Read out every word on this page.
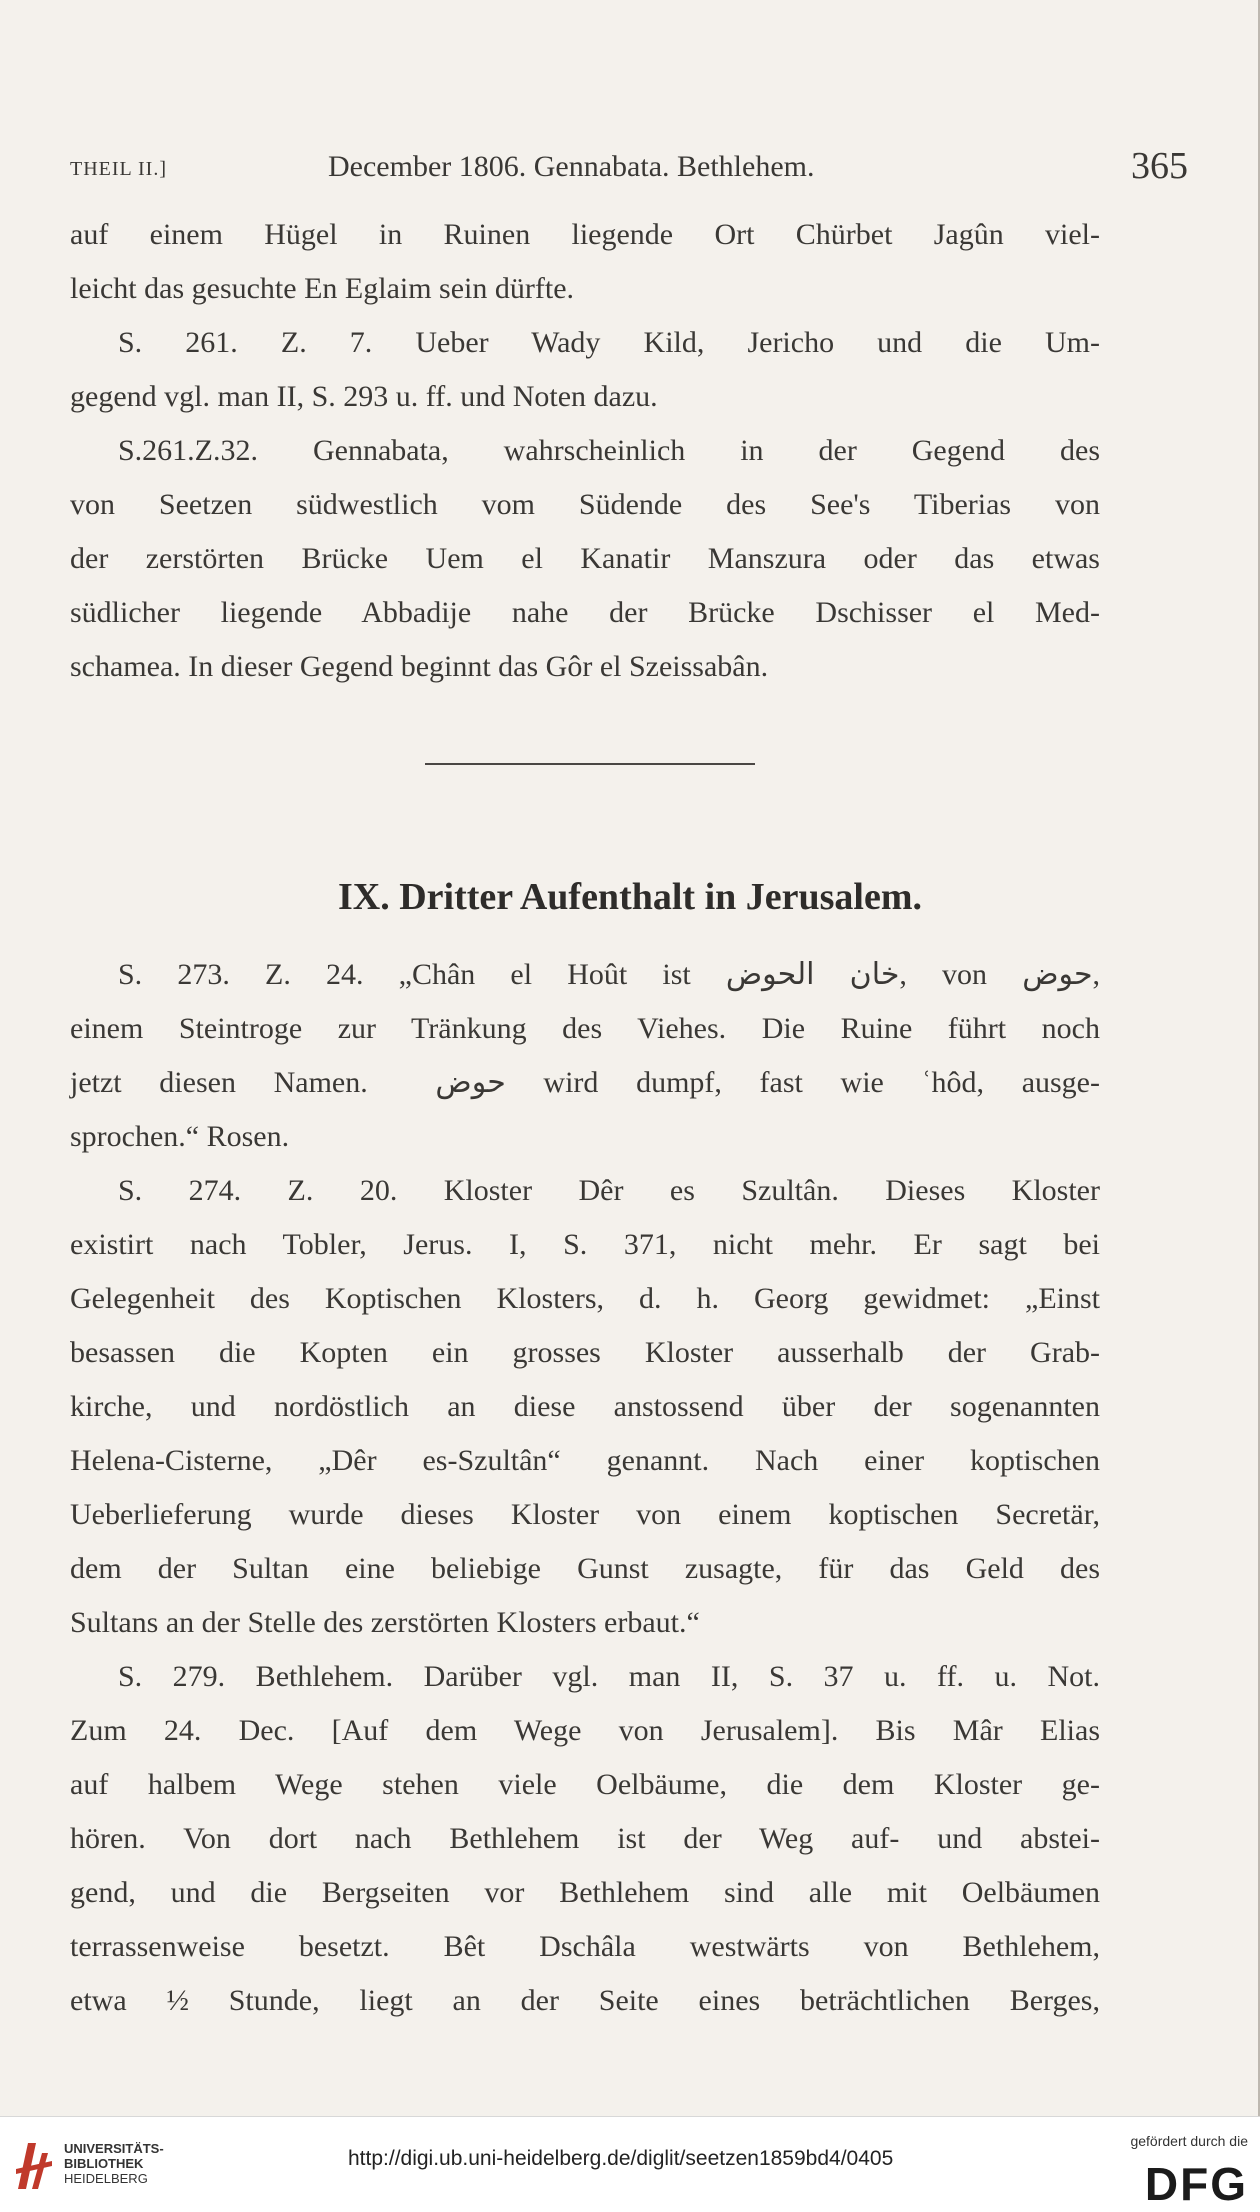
THEIL II.]	December 1806. Gennabata. Bethlehem.	365
auf einem Hügel in Ruinen liegende Ort Chürbet Jagûn viel-
leicht das gesuchte En Eglaim sein dürfte.
S. 261. Z. 7. Ueber Wady Kild, Jericho und die Um-
gegend vgl. man II, S. 293 u. ff. und Noten dazu.
S.261.Z.32. Gennabata, wahrscheinlich in der Gegend des
von Seetzen südwestlich vom Südende des See's Tiberias von
der zerstörten Brücke Uem el Kanatir Manszura oder das etwas
südlicher liegende Abbadije nahe der Brücke Dschisser el Med-
schamea. In dieser Gegend beginnt das Gôr el Szeissabân.
IX. Dritter Aufenthalt in Jerusalem.
S. 273. Z. 24. „Chân el Hoût ist الحوض خان, von حوض,
einem Steintroge zur Tränkung des Viehes. Die Ruine führt noch
jetzt diesen Namen. حوض wird dumpf, fast wie ʿhôd, ausge-
sprochen.“ Rosen.
S. 274. Z. 20. Kloster Dêr es Szultân. Dieses Kloster
existirt nach Tobler, Jerus. I, S. 371, nicht mehr. Er sagt bei
Gelegenheit des Koptischen Klosters, d. h. Georg gewidmet: „Einst
besassen die Kopten ein grosses Kloster ausserhalb der Grab-
kirche, und nordöstlich an diese anstossend über der sogenannten
Helena-Cisterne, „Dêr es-Szultân“ genannt. Nach einer koptischen
Ueberlieferung wurde dieses Kloster von einem koptischen Secretär,
dem der Sultan eine beliebige Gunst zusagte, für das Geld des
Sultans an der Stelle des zerstörten Klosters erbaut.“
S. 279. Bethlehem. Darüber vgl. man II, S. 37 u. ff. u. Not.
Zum 24. Dec. [Auf dem Wege von Jerusalem]. Bis Mâr Elias
auf halbem Wege stehen viele Oelbäume, die dem Kloster ge-
hören. Von dort nach Bethlehem ist der Weg auf- und abstei-
gend, und die Bergseiten vor Bethlehem sind alle mit Oelbäumen
terrassenweise besetzt. Bêt Dschâla westwärts von Bethlehem,
etwa ½ Stunde, liegt an der Seite eines beträchtlichen Berges,
UNIVERSITÄTS-
BIBLIOTHEK
HEIDELBERG
http://digi.ub.uni-heidelberg.de/diglit/seetzen1859bd4/0405
gefördert durch die
DFG
